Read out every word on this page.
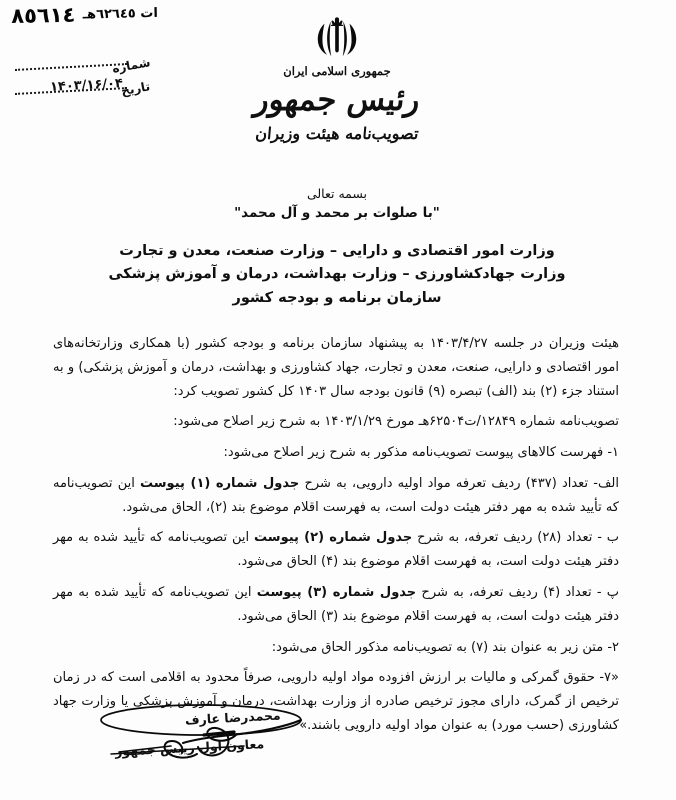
ات ٦٢٦٤٥هـ ٨٥٦١٤
شماره
تاریخ
۱۴۰۳/۱۶/۰۴
جمهوری اسلامی ایران
رئیس جمهور
تصویب‌نامه هیئت وزیران
بسمه تعالی
"با صلوات بر محمد و آل محمد"
وزارت امور اقتصادی و دارایی – وزارت صنعت، معدن و تجارت
وزارت جهادکشاورزی – وزارت بهداشت، درمان و آموزش پزشکی
سازمان برنامه و بودجه کشور

هیئت وزیران در جلسه ۱۴۰۳/۴/۲۷ به پیشنهاد سازمان برنامه و بودجه کشور (با همکاری وزارتخانه‌های امور اقتصادی و دارایی، صنعت، معدن و تجارت، جهاد کشاورزی و بهداشت، درمان و آموزش پزشکی) و به استناد جزء (۲) بند (الف) تبصره (۹) قانون بودجه سال ۱۴۰۳ کل کشور تصویب کرد:

تصویب‌نامه شماره ۱۲۸۴۹/ت۶۲۵۰۴هـ مورخ ۱۴۰۳/۱/۲۹ به شرح زیر اصلاح می‌شود:

۱- فهرست کالاهای پیوست تصویب‌نامه مذکور به شرح زیر اصلاح می‌شود:

الف- تعداد (۴۳۷) ردیف تعرفه مواد اولیه دارویی، به شرح جدول شماره (۱) پیوست این تصویب‌نامه که تأیید شده به مهر دفتر هیئت دولت است، به فهرست اقلام موضوع بند (۲)، الحاق می‌شود.

ب - تعداد (۲۸) ردیف تعرفه، به شرح جدول شماره (۲) پیوست این تصویب‌نامه که تأیید شده به مهر دفتر هیئت دولت است، به فهرست اقلام موضوع بند (۴) الحاق می‌شود.

پ - تعداد (۴) ردیف تعرفه، به شرح جدول شماره (۳) پیوست این تصویب‌نامه که تأیید شده به مهر دفتر هیئت دولت است، به فهرست اقلام موضوع بند (۳) الحاق می‌شود.

۲- متن زیر به عنوان بند (۷) به تصویب‌نامه مذکور الحاق می‌شود:

«۷- حقوق گمرکی و مالیات بر ارزش افزوده مواد اولیه دارویی، صرفاً محدود به اقلامی است که در زمان ترخیص از گمرک، دارای مجوز ترخیص صادره از وزارت بهداشت، درمان و آموزش پزشکی یا وزارت جهاد کشاورزی (حسب مورد) به عنوان مواد اولیه دارویی باشند.»

محمدرضا عارف
معاون اول رییس جمهور
